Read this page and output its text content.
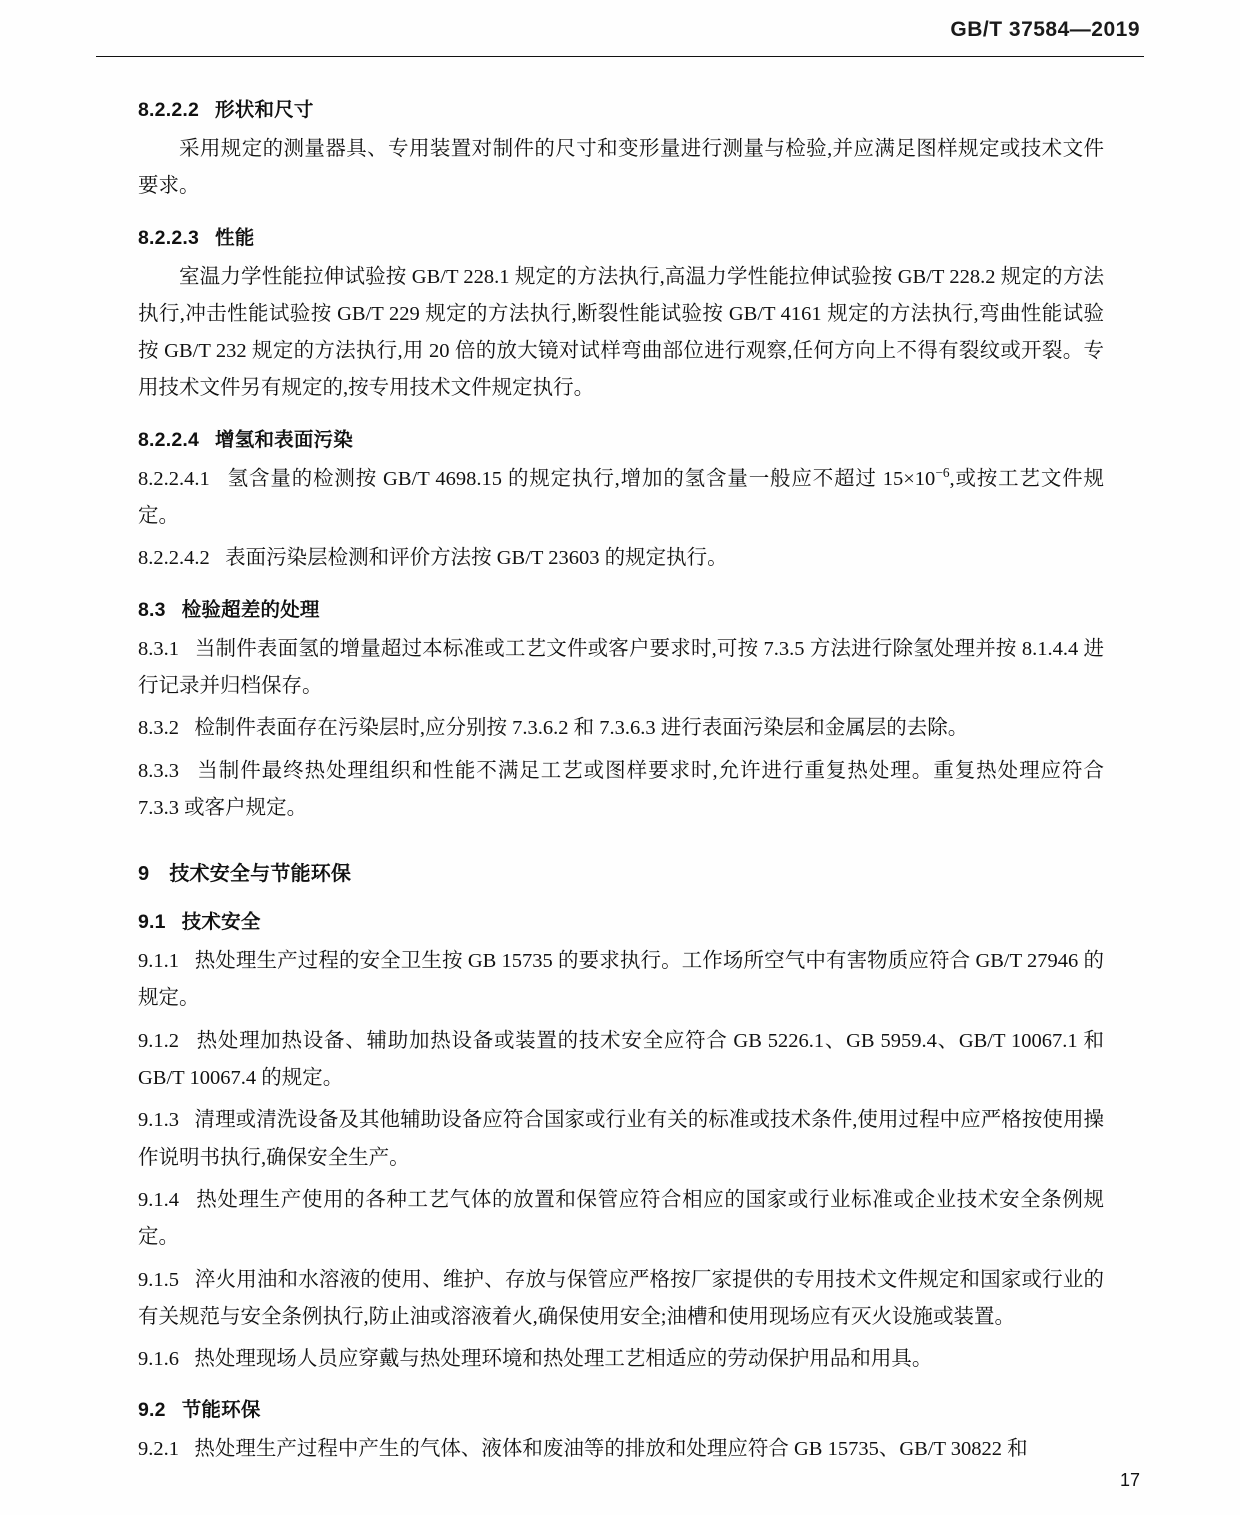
GB/T 37584—2019
8.2.2.2 形状和尺寸

采用规定的测量器具、专用装置对制件的尺寸和变形量进行测量与检验,并应满足图样规定或技术文件要求。

8.2.2.3 性能

室温力学性能拉伸试验按 GB/T 228.1 规定的方法执行,高温力学性能拉伸试验按 GB/T 228.2 规定的方法执行,冲击性能试验按 GB/T 229 规定的方法执行,断裂性能试验按 GB/T 4161 规定的方法执行,弯曲性能试验按 GB/T 232 规定的方法执行,用 20 倍的放大镜对试样弯曲部位进行观察,任何方向上不得有裂纹或开裂。专用技术文件另有规定的,按专用技术文件规定执行。

8.2.2.4 增氢和表面污染

8.2.2.4.1 氢含量的检测按 GB/T 4698.15 的规定执行,增加的氢含量一般应不超过 $15\times 10^{-6}$,或按工艺文件规定。

8.2.2.4.2 表面污染层检测和评价方法按 GB/T 23603 的规定执行。

8.3 检验超差的处理

8.3.1 当制件表面氢的增量超过本标准或工艺文件或客户要求时,可按 7.3.5 方法进行除氢处理并按 8.1.4.4 进行记录并归档保存。

8.3.2 检制件表面存在污染层时,应分别按 7.3.6.2 和 7.3.6.3 进行表面污染层和金属层的去除。

8.3.3 当制件最终热处理组织和性能不满足工艺或图样要求时,允许进行重复热处理。重复热处理应符合 7.3.3 或客户规定。

9 技术安全与节能环保
9.1 技术安全

9.1.1 热处理生产过程的安全卫生按 GB 15735 的要求执行。工作场所空气中有害物质应符合 GB/T 27946 的规定。

9.1.2 热处理加热设备、辅助加热设备或装置的技术安全应符合 GB 5226.1、GB 5959.4、GB/T 10067.1 和 GB/T 10067.4 的规定。

9.1.3 清理或清洗设备及其他辅助设备应符合国家或行业有关的标准或技术条件,使用过程中应严格按使用操作说明书执行,确保安全生产。

9.1.4 热处理生产使用的各种工艺气体的放置和保管应符合相应的国家或行业标准或企业技术安全条例规定。

9.1.5 淬火用油和水溶液的使用、维护、存放与保管应严格按厂家提供的专用技术文件规定和国家或行业的有关规范与安全条例执行,防止油或溶液着火,确保使用安全;油槽和使用现场应有灭火设施或装置。

9.1.6 热处理现场人员应穿戴与热处理环境和热处理工艺相适应的劳动保护用品和用具。

9.2 节能环保

9.2.1 热处理生产过程中产生的气体、液体和废油等的排放和处理应符合 GB 15735、GB/T 30822 和

17
